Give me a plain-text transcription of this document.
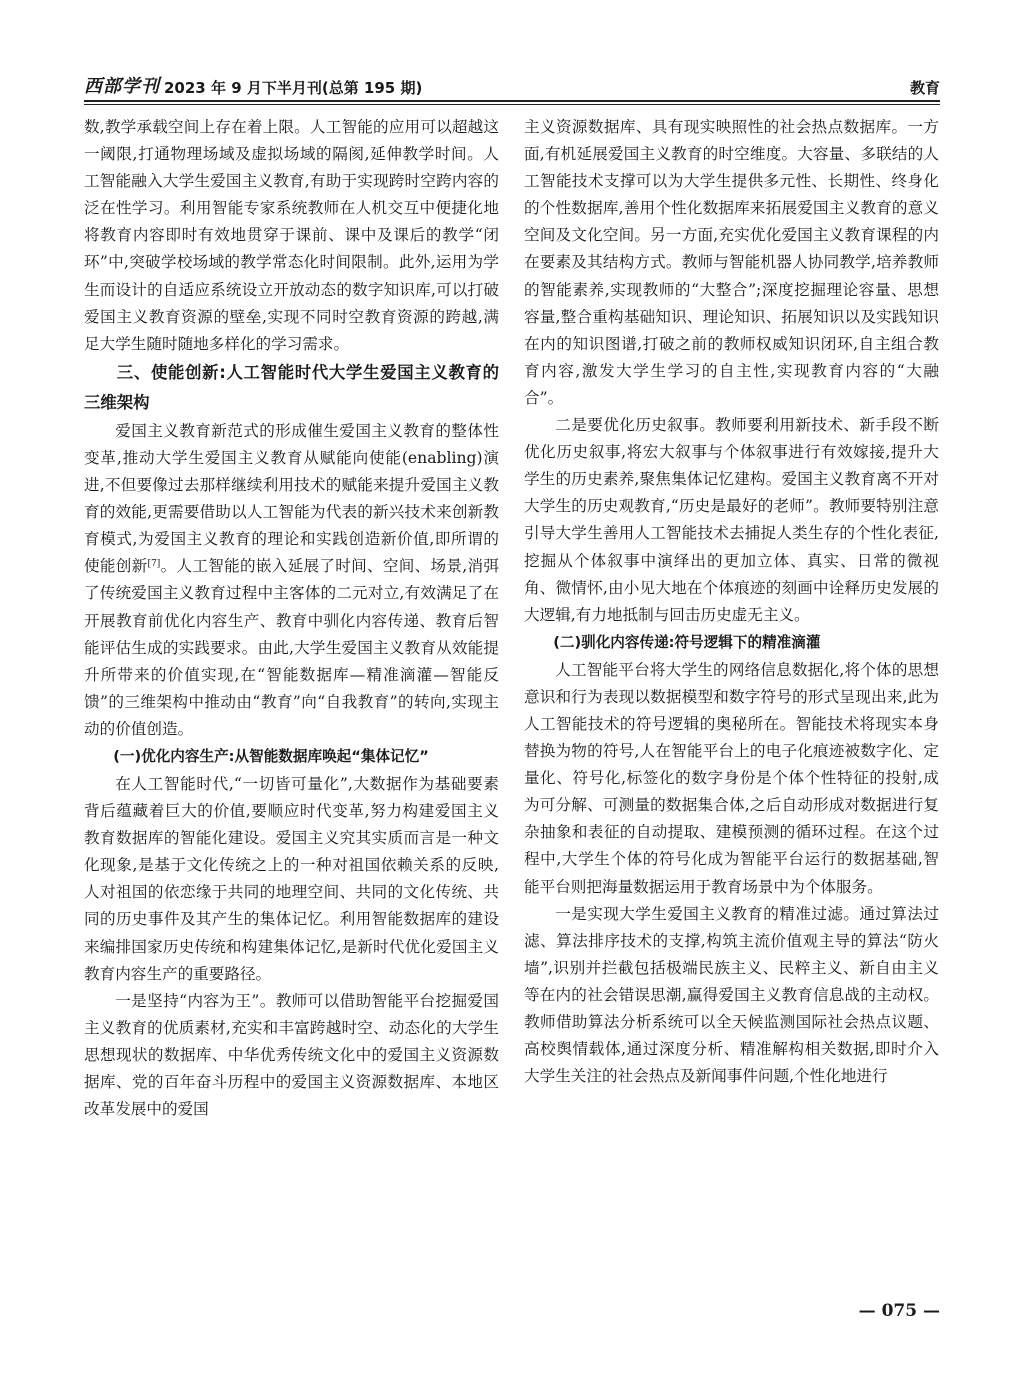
西部学刊 2023 年 9 月下半月刊(总第 195 期)	教育

数,教学承载空间上存在着上限。人工智能的应用可以超越这一阈限,打通物理场域及虚拟场域的隔阂,延伸教学时间。人工智能融入大学生爱国主义教育,有助于实现跨时空跨内容的泛在性学习。利用智能专家系统教师在人机交互中便捷化地将教育内容即时有效地贯穿于课前、课中及课后的教学“闭环”中,突破学校场域的教学常态化时间限制。此外,运用为学生而设计的自适应系统设立开放动态的数字知识库,可以打破爱国主义教育资源的壁垒,实现不同时空教育资源的跨越,满足大学生随时随地多样化的学习需求。

三、使能创新:人工智能时代大学生爱国主义教育的三维架构

爱国主义教育新范式的形成催生爱国主义教育的整体性变革,推动大学生爱国主义教育从赋能向使能(enabling)演进,不但要像过去那样继续利用技术的赋能来提升爱国主义教育的效能,更需要借助以人工智能为代表的新兴技术来创新教育模式,为爱国主义教育的理论和实践创造新价值,即所谓的使能创新[7]。人工智能的嵌入延展了时间、空间、场景,消弭了传统爱国主义教育过程中主客体的二元对立,有效满足了在开展教育前优化内容生产、教育中驯化内容传递、教育后智能评估生成的实践要求。由此,大学生爱国主义教育从效能提升所带来的价值实现,在“智能数据库—精准滴灌—智能反馈”的三维架构中推动由“教育”向“自我教育”的转向,实现主动的价值创造。

(一)优化内容生产:从智能数据库唤起“集体记忆”

在人工智能时代,“一切皆可量化”,大数据作为基础要素背后蕴藏着巨大的价值,要顺应时代变革,努力构建爱国主义教育数据库的智能化建设。爱国主义究其实质而言是一种文化现象,是基于文化传统之上的一种对祖国依赖关系的反映,人对祖国的依恋缘于共同的地理空间、共同的文化传统、共同的历史事件及其产生的集体记忆。利用智能数据库的建设来编排国家历史传统和构建集体记忆,是新时代优化爱国主义教育内容生产的重要路径。

一是坚持“内容为王”。教师可以借助智能平台挖掘爱国主义教育的优质素材,充实和丰富跨越时空、动态化的大学生思想现状的数据库、中华优秀传统文化中的爱国主义资源数据库、党的百年奋斗历程中的爱国主义资源数据库、本地区改革发展中的爱国

主义资源数据库、具有现实映照性的社会热点数据库。一方面,有机延展爱国主义教育的时空维度。大容量、多联结的人工智能技术支撑可以为大学生提供多元性、长期性、终身化的个性数据库,善用个性化数据库来拓展爱国主义教育的意义空间及文化空间。另一方面,充实优化爱国主义教育课程的内在要素及其结构方式。教师与智能机器人协同教学,培养教师的智能素养,实现教师的“大整合”;深度挖掘理论容量、思想容量,整合重构基础知识、理论知识、拓展知识以及实践知识在内的知识图谱,打破之前的教师权威知识闭环,自主组合教育内容,激发大学生学习的自主性,实现教育内容的“大融合”。

二是要优化历史叙事。教师要利用新技术、新手段不断优化历史叙事,将宏大叙事与个体叙事进行有效嫁接,提升大学生的历史素养,聚焦集体记忆建构。爱国主义教育离不开对大学生的历史观教育,“历史是最好的老师”。教师要特别注意引导大学生善用人工智能技术去捕捉人类生存的个性化表征,挖掘从个体叙事中演绎出的更加立体、真实、日常的微视角、微情怀,由小见大地在个体痕迹的刻画中诠释历史发展的大逻辑,有力地抵制与回击历史虚无主义。

(二)驯化内容传递:符号逻辑下的精准滴灌

人工智能平台将大学生的网络信息数据化,将个体的思想意识和行为表现以数据模型和数字符号的形式呈现出来,此为人工智能技术的符号逻辑的奥秘所在。智能技术将现实本身替换为物的符号,人在智能平台上的电子化痕迹被数字化、定量化、符号化,标签化的数字身份是个体个性特征的投射,成为可分解、可测量的数据集合体,之后自动形成对数据进行复杂抽象和表征的自动提取、建模预测的循环过程。在这个过程中,大学生个体的符号化成为智能平台运行的数据基础,智能平台则把海量数据运用于教育场景中为个体服务。

一是实现大学生爱国主义教育的精准过滤。通过算法过滤、算法排序技术的支撑,构筑主流价值观主导的算法“防火墙”,识别并拦截包括极端民族主义、民粹主义、新自由主义等在内的社会错误思潮,赢得爱国主义教育信息战的主动权。教师借助算法分析系统可以全天候监测国际社会热点议题、高校舆情载体,通过深度分析、精准解构相关数据,即时介入大学生关注的社会热点及新闻事件问题,个性化地进行

— 075 —
